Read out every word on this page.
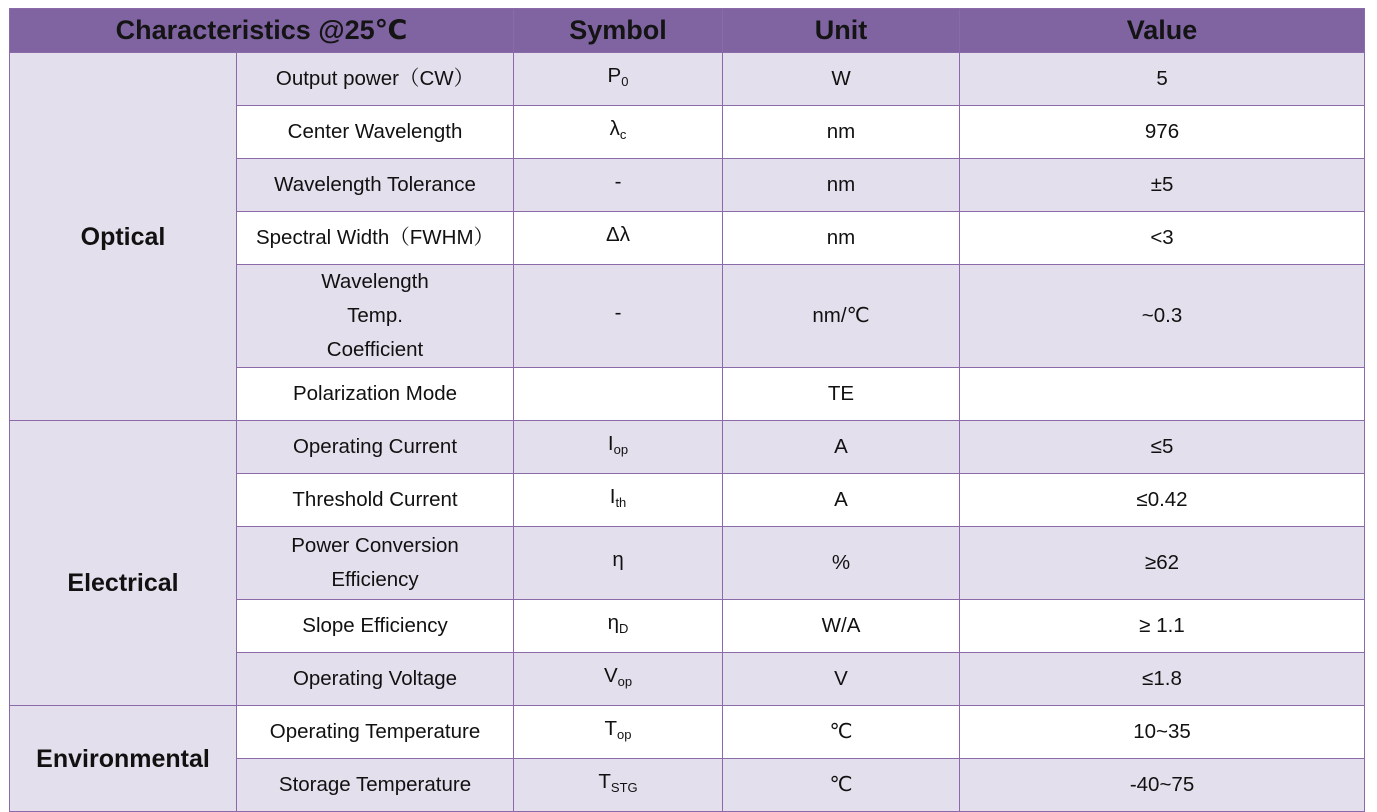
Characteristics @25℃		Symbol	Unit	Value
Optical	Output power（CW）	P0	W	5
	Center Wavelength	λc	nm	976
	Wavelength Tolerance	-	nm	±5
	Spectral Width（FWHM）	Δλ	nm	<3
	Wavelength Temp. Coefficient	-	nm/℃	~0.3
	Polarization Mode		TE	
Electrical	Operating Current	Iop	A	≤5
	Threshold Current	Ith	A	≤0.42
	Power Conversion Efficiency	η	%	≥62
	Slope Efficiency	ηD	W/A	≥ 1.1
	Operating Voltage	Vop	V	≤1.8
Environmental	Operating Temperature	Top	℃	10~35
	Storage Temperature	TSTG	℃	-40~75
